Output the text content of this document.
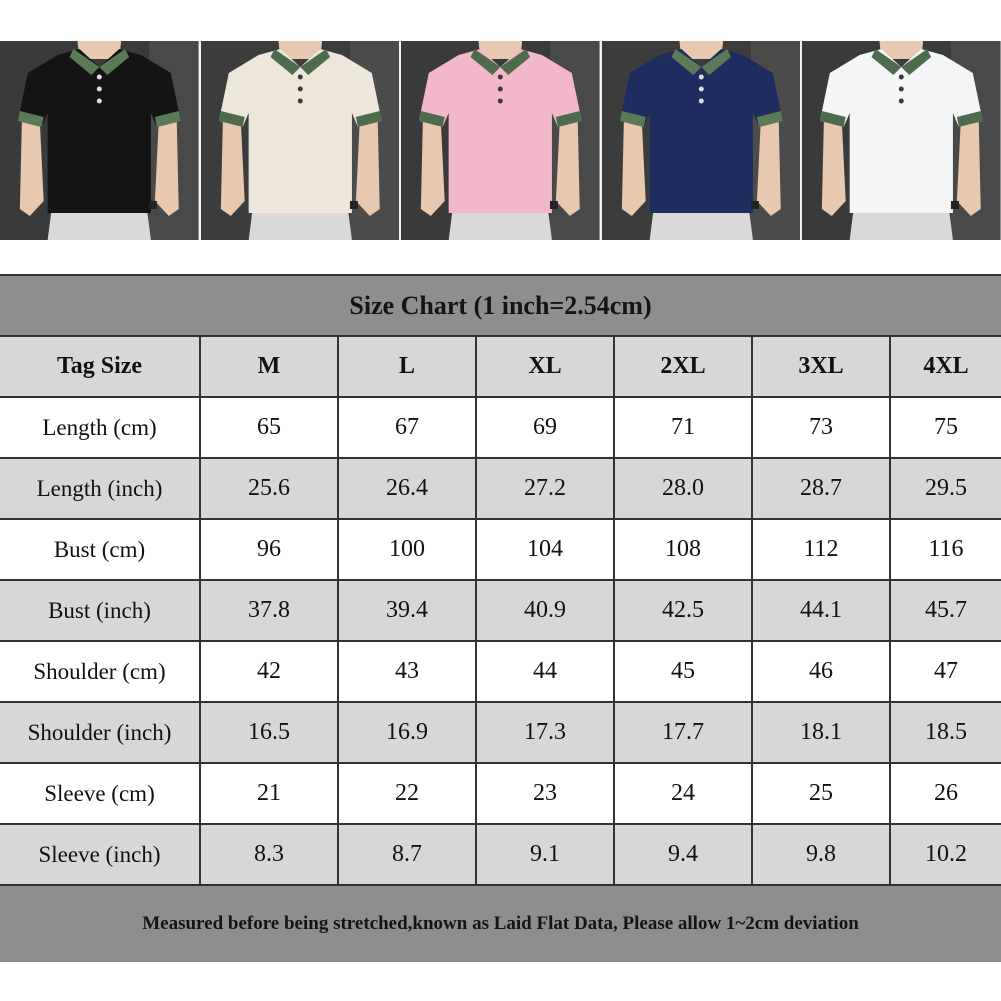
Size Chart (1 inch=2.54cm)
Tag Size	M	L	XL	2XL	3XL	4XL
Length (cm)	65	67	69	71	73	75
Length (inch)	25.6	26.4	27.2	28.0	28.7	29.5
Bust (cm)	96	100	104	108	112	116
Bust (inch)	37.8	39.4	40.9	42.5	44.1	45.7
Shoulder (cm)	42	43	44	45	46	47
Shoulder (inch)	16.5	16.9	17.3	17.7	18.1	18.5
Sleeve (cm)	21	22	23	24	25	26
Sleeve (inch)	8.3	8.7	9.1	9.4	9.8	10.2
Measured before being stretched,known as Laid Flat Data, Please allow 1~2cm deviation
